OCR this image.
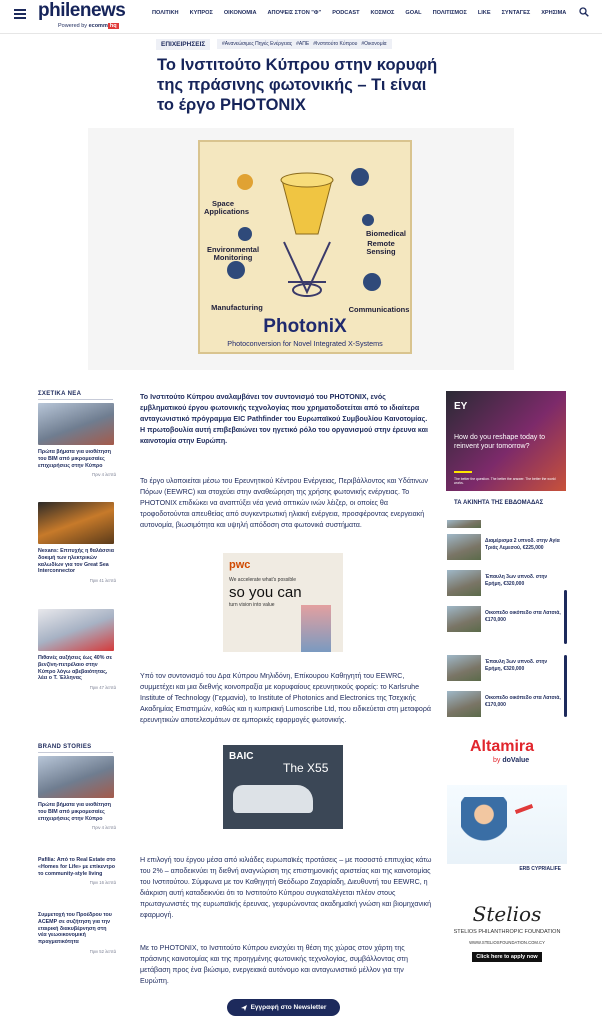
philenews
Powered by ecomm hq
ΠΟΛΙΤΙΚΗ ΚΥΠΡΟΣ ΟΙΚΟΝΟΜΙΑ ΑΠΟΨΕΙΣ ΣΤΟΝ "Φ" PODCAST ΚΟΣΜΟΣ GOAL ΠΟΛΙΤΙΣΜΟΣ LIKE ΣΥΝΤΑΓΕΣ ΧΡΗΣΙΜΑ
ΕΠΙΧΕΙΡΗΣΕΙΣ	#Ανανεώσιμες Πηγές Ενέργειας #ΑΠΕ #Ινστιτούτο Κύπρου #Οικονομία
Το Ινστιτούτο Κύπρου στην κορυφή της πράσινης φωτονικής – Τι είναι το έργο PHOTONIX
Space Applications
Biomedical
Environmental Monitoring
Remote Sensing
Manufacturing	Communications
PhotoniX
Photoconversion for Novel Integrated X-Systems
ΣΧΕΤΙΚΑ ΝΕΑ
Πρώτα βήματα για υιοθέτηση του BIM από μικρομεσαίες επιχειρήσεις στην Κύπρο
Πριν 4 λεπτά
Nexans: Επιτυχής η θαλάσσια δοκιμή των ηλεκτρικών καλωδίων για τον Great Sea Interconnector
Πριν 41 λεπτά
Πιθανές αυξήσεις έως 40% σε βενζίνη-πετρέλαιο στην Κύπρο λόγω αβεβαιότητας, λέει ο Τ. Έλληνας
Πριν 47 λεπτά
BRAND STORIES
Πρώτα βήματα για υιοθέτηση του BIM από μικρομεσαίες επιχειρήσεις στην Κύπρο
Πριν 4 λεπτά
Pafilia: Από το Real Estate στο «Homes for Life» με επίκεντρο το community-style living
Πριν 16 λεπτά
Συμμετοχή του Προέδρου του ΑCΕΜΡ σε συζήτηση για την εταιρική διακυβέρνηση στη νέα γεωοικονομική πραγματικότητα
Πριν 52 λεπτά

Το Ινστιτούτο Κύπρου αναλαμβάνει τον συντονισμό του PHOTONIX, ενός εμβληματικού έργου φωτονικής τεχνολογίας που χρηματοδοτείται από το ιδιαίτερα ανταγωνιστικό πρόγραμμα EIC Pathfinder του Ευρωπαϊκού Συμβουλίου Καινοτομίας. Η πρωτοβουλία αυτή επιβεβαιώνει τον ηγετικό ρόλο του οργανισμού στην έρευνα και καινοτομία στην Ευρώπη.

Το έργο υλοποιείται μέσω του Ερευνητικού Κέντρου Ενέργειας, Περιβάλλοντος και Υδάτινων Πόρων (EEWRC) και στοχεύει στην αναθεώρηση της χρήσης φωτονικής ενέργειας. Το PHOTONIX επιδιώκει να αναπτύξει νέα γενιά οπτικών ινών λέιζερ, οι οποίες θα τροφοδοτούνται απευθείας από συγκεντρωτική ηλιακή ενέργεια, προσφέροντας ενεργειακή αυτονομία, βιωσιμότητα και υψηλή απόδοση στα φωτονικά συστήματα.

pwc
We accelerate what's possible
so you can
turn vision into value

Υπό τον συντονισμό του Δρα Κύπρου Μηλιδόνη, Επίκουρου Καθηγητή του EEWRC, συμμετέχει και μια διεθνής κοινοπραξία με κορυφαίους ερευνητικούς φορείς: το Karlsruhe Institute of Technology (Γερμανία), το Institute of Photonics and Electronics της Τσεχικής Ακαδημίας Επιστημών, καθώς και η κυπριακή Lumoscribe Ltd, που ειδικεύεται στη μεταφορά ερευνητικών αποτελεσμάτων σε εμπορικές εφαρμογές φωτονικής.

BAIC
The X55

Η επιλογή του έργου μέσα από κιλιάδες ευρωπαϊκές προτάσεις – με ποσοστό επιτυχίας κάτω του 2% – αποδεικνύει τη διεθνή αναγνώριση της επιστημονικής αριστείας και της καινοτομίας του Ινστιτούτου. Σύμφωνα με τον Καθηγητή Θεόδωρο Ζαχαρίαδη, Διευθυντή του EEWRC, η διάκριση αυτή καταδεικνύει ότι το Ινστιτούτο Κύπρου συγκαταλέγεται πλέον στους πρωταγωνιστές της ευρωπαϊκής έρευνας, γεφυρώνοντας ακαδημαϊκή γνώση και βιομηχανική εφαρμογή.

Με το PHOTONIX, το Ινστιτούτο Κύπρου ενισχύει τη θέση της χώρας στον χάρτη της πράσινης καινοτομίας και της προηγμένης φωτονικής τεχνολογίας, συμβάλλοντας στη μετάβαση προς ένα βιώσιμο, ενεργειακά αυτόνομο και ανταγωνιστικό μέλλον για την Ευρώπη.

EY
How do you reshape today to reinvent your tomorrow?
The better the question. The better the answer. The better the world works.
ΤΑ ΑΚΙΝΗΤΑ ΤΗΣ ΕΒΔΟΜΑΔΑΣ
Διαμέρισμα 2 υπνοδ. στην Αγία Τριάς Λεμεσού, €225,000
Έπαυλη 3ων υπνοδ. στην Ερήμη, €320,000
Οικοπεδο οικόπεδο στα Λατσιά, €170,000
Έπαυλη 3ων υπνοδ. στην Ερήμη, €320,000
Οικοπεδο οικόπεδο στα Λατσιά, €170,000
Altamira
by doValue
ERB CYPRIALIFE
Stelios
STELIOS PHILANTHROPIC FOUNDATION
WWW.STELIOSFOUNDATION.COM.CY
Click here to apply now
Εγγραφή στο Newsletter
